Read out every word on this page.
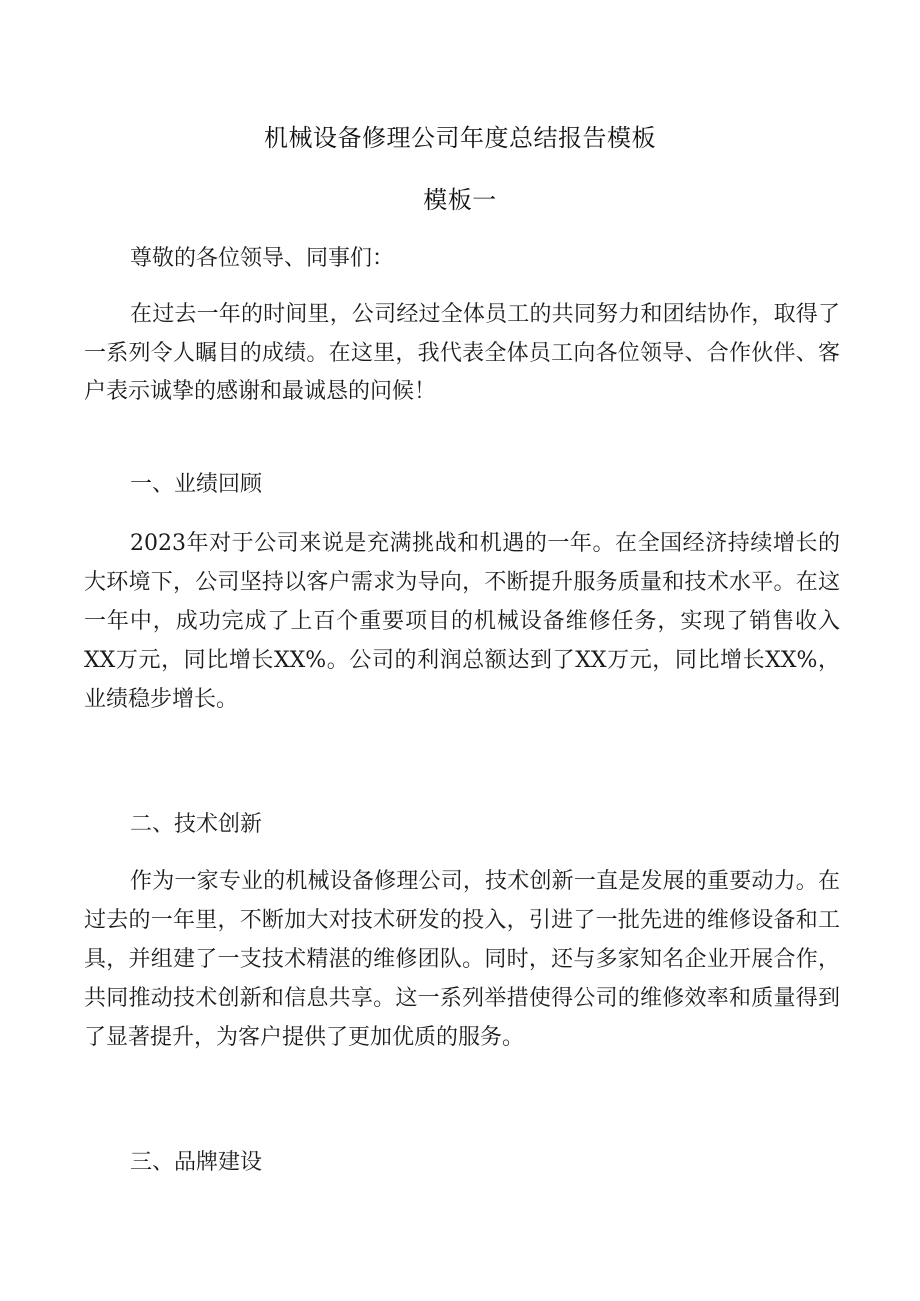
机械设备修理公司年度总结报告模板
模板一
尊敬的各位领导、同事们：
在过去一年的时间里，公司经过全体员工的共同努力和团结协作，取得了一系列令人瞩目的成绩。在这里，我代表全体员工向各位领导、合作伙伴、客户表示诚挚的感谢和最诚恳的问候！
一、业绩回顾
2023年对于公司来说是充满挑战和机遇的一年。在全国经济持续增长的大环境下，公司坚持以客户需求为导向，不断提升服务质量和技术水平。在这一年中，成功完成了上百个重要项目的机械设备维修任务，实现了销售收入XX万元，同比增长XX%。公司的利润总额达到了XX万元，同比增长XX%，业绩稳步增长。
二、技术创新
作为一家专业的机械设备修理公司，技术创新一直是发展的重要动力。在过去的一年里，不断加大对技术研发的投入，引进了一批先进的维修设备和工具，并组建了一支技术精湛的维修团队。同时，还与多家知名企业开展合作，共同推动技术创新和信息共享。这一系列举措使得公司的维修效率和质量得到了显著提升，为客户提供了更加优质的服务。
三、品牌建设
